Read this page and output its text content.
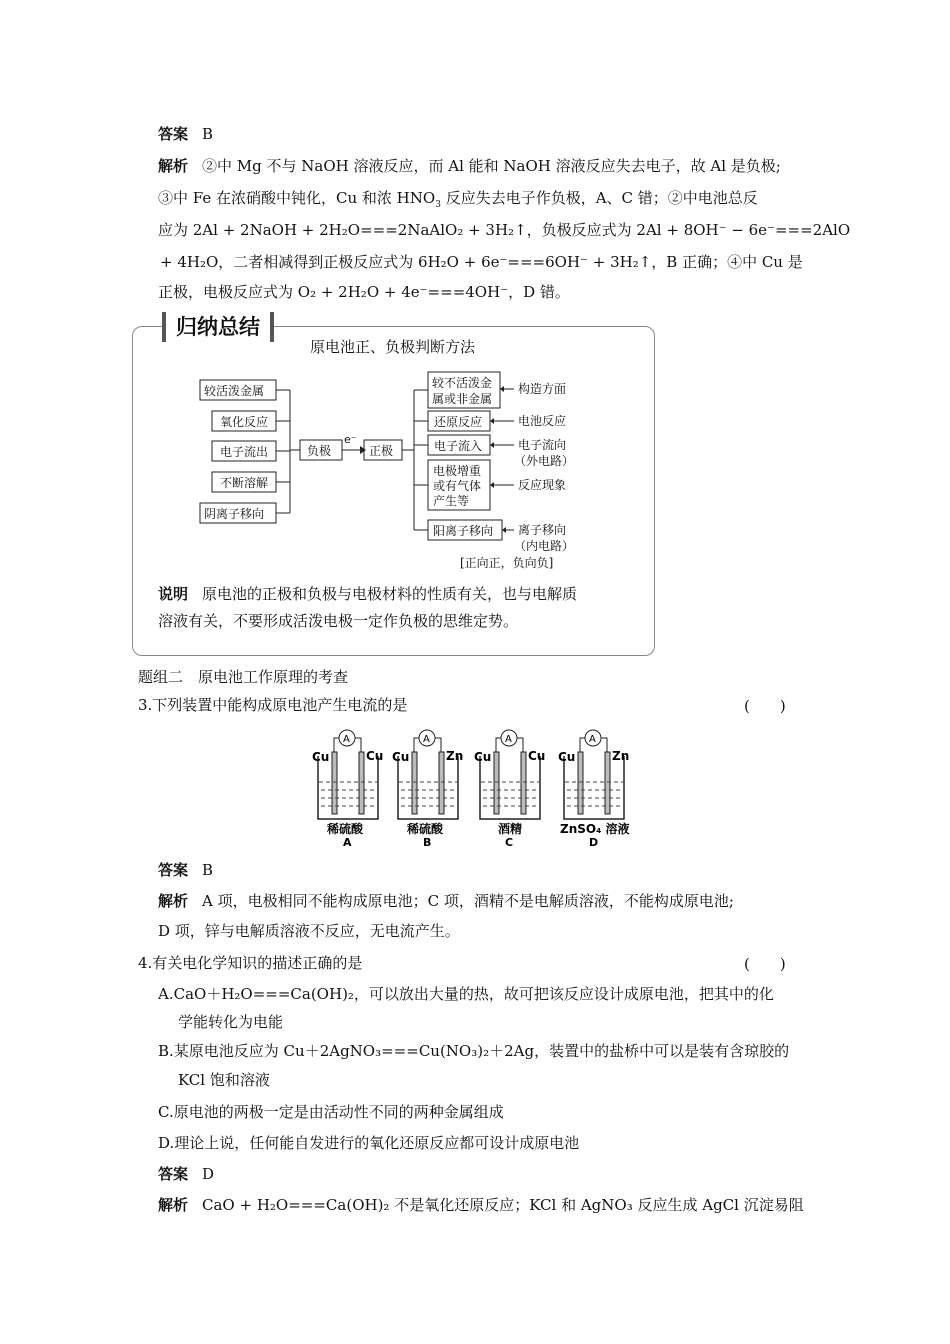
答案 B
解析 ②中 Mg 不与 NaOH 溶液反应，而 Al 能和 NaOH 溶液反应失去电子，故 Al 是负极;
③中 Fe 在浓硝酸中钝化，Cu 和浓 $HNO_3$ 反应失去电子作负极，A、C 错；②中电池总反
应为 2Al + 2NaOH + 2H₂O===2NaAlO₂ + 3H₂↑，负极反应式为 2Al + 8OH⁻ − 6e⁻===2AlO
+ 4H₂O，二者相减得到正极反应式为 6H₂O + 6e⁻===6OH⁻ + 3H₂↑，B 正确；④中 Cu 是
正极，电极反应式为 O₂ + 2H₂O + 4e⁻===4OH⁻，D 错。
归纳总结
原电池正、负极判断方法
较活泼金属
氧化反应
电子流出
不断溶解
阴离子移向
负极
e⁻
正极
较不活泼金
属或非金属
还原反应
电子流入
电极增重
或有气体
产生等
阳离子移向
构造方面
电池反应
电子流向
（外电路）
反应现象
离子移向
（内电路）
[正向正，负向负]
说明 原电池的正极和负极与电极材料的性质有关，也与电解质
溶液有关，不要形成活泼电极一定作负极的思维定势。
题组二　原电池工作原理的考查
3.下列装置中能构成原电池产生电流的是	(　　)
Cu	Cu
A
稀硫酸
A
Cu	Zn
A
稀硫酸
B
Cu	Cu
A
酒精
C
Cu	Zn
A
ZnSO₄ 溶液
D
答案 B
解析 A 项，电极相同不能构成原电池；C 项，酒精不是电解质溶液，不能构成原电池;
D 项，锌与电解质溶液不反应，无电流产生。
4.有关电化学知识的描述正确的是	(　　)
A.CaO＋H₂O===Ca(OH)₂，可以放出大量的热，故可把该反应设计成原电池，把其中的化
学能转化为电能
B.某原电池反应为 Cu＋2AgNO₃===Cu(NO₃)₂＋2Ag，装置中的盐桥中可以是装有含琼胶的
KCl 饱和溶液
C.原电池的两极一定是由活动性不同的两种金属组成
D.理论上说，任何能自发进行的氧化还原反应都可设计成原电池
答案 D
解析 CaO + H₂O===Ca(OH)₂ 不是氧化还原反应；KCl 和 AgNO₃ 反应生成 AgCl 沉淀易阻
